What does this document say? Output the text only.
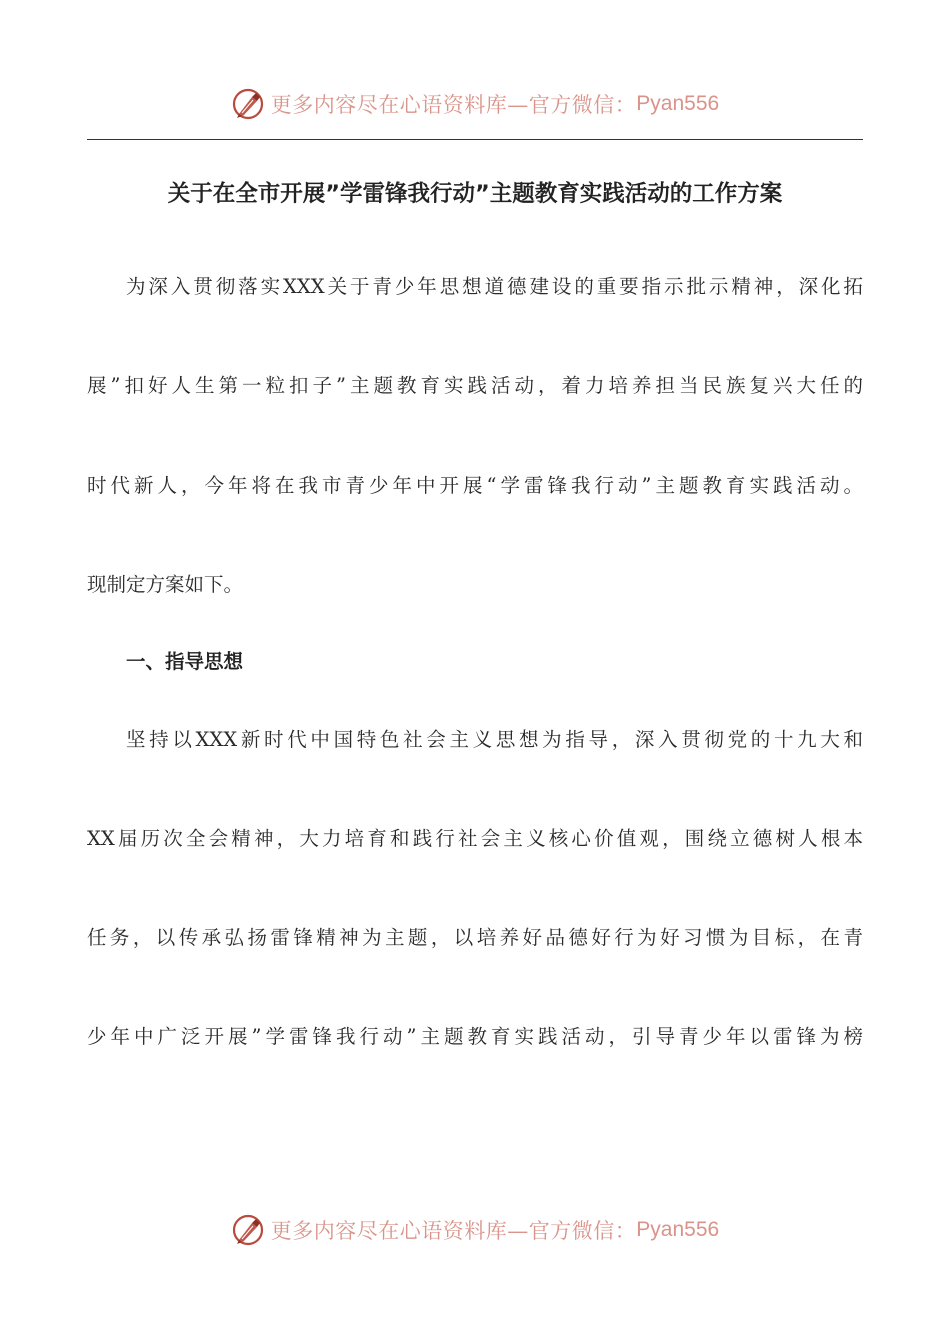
更多内容尽在心语资料库—官方微信： Pyan556
关于在全市开展”学雷锋我行动”主题教育实践活动的工作方案
为深入贯彻落实XXX关于青少年思想道德建设的重要指示批示精神，深化拓
展”扣好人生第一粒扣子”主题教育实践活动，着力培养担当民族复兴大任的
时代新人，今年将在我市青少年中开展“学雷锋我行动”主题教育实践活动。
现制定方案如下。
一、指导思想
坚持以XXX新时代中国特色社会主义思想为指导，深入贯彻党的十九大和
XX届历次全会精神，大力培育和践行社会主义核心价值观，围绕立德树人根本
任务，以传承弘扬雷锋精神为主题，以培养好品德好行为好习惯为目标，在青
少年中广泛开展”学雷锋我行动”主题教育实践活动，引导青少年以雷锋为榜
更多内容尽在心语资料库—官方微信： Pyan556
